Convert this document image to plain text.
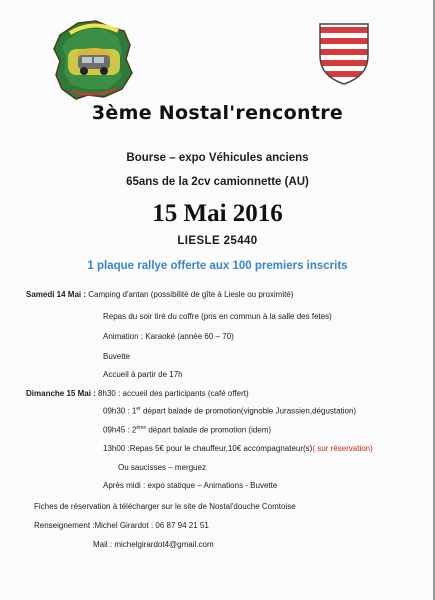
3ème Nostal'rencontre
Bourse – expo Véhicules anciens
65ans de la 2cv camionnette (AU)
15 Mai 2016
LIESLE 25440
1 plaque rallye offerte aux 100 premiers inscrits
Samedi 14 Mai : Camping d'antan (possibilité de gîte à Liesle ou proximité)
Repas du soir tiré du coffre (pris en commun à la salle des fetes)
Animation : Karaoké (année 60 – 70)
Buvette
Accueil à partir de 17h
Dimanche 15 Mai : 8h30 : accueil des participants (café offert)
09h30 : 1er départ balade de promotion(vignoble Jurassien,dégustation)
09h45 : 2ème départ balade de promotion (idem)
13h00 :Repas 5€ pour le chauffeur,10€ accompagnateur(s)( sur réservation)
Ou saucisses – merguez
Après midi : expo statique – Animations - Buvette
Fiches de réservation à télécharger sur le site de Nostal'douche Comtoise
Renseignement :Michel Girardot : 06 87 94 21 51
Mail : michelgirardot4@gmail.com
